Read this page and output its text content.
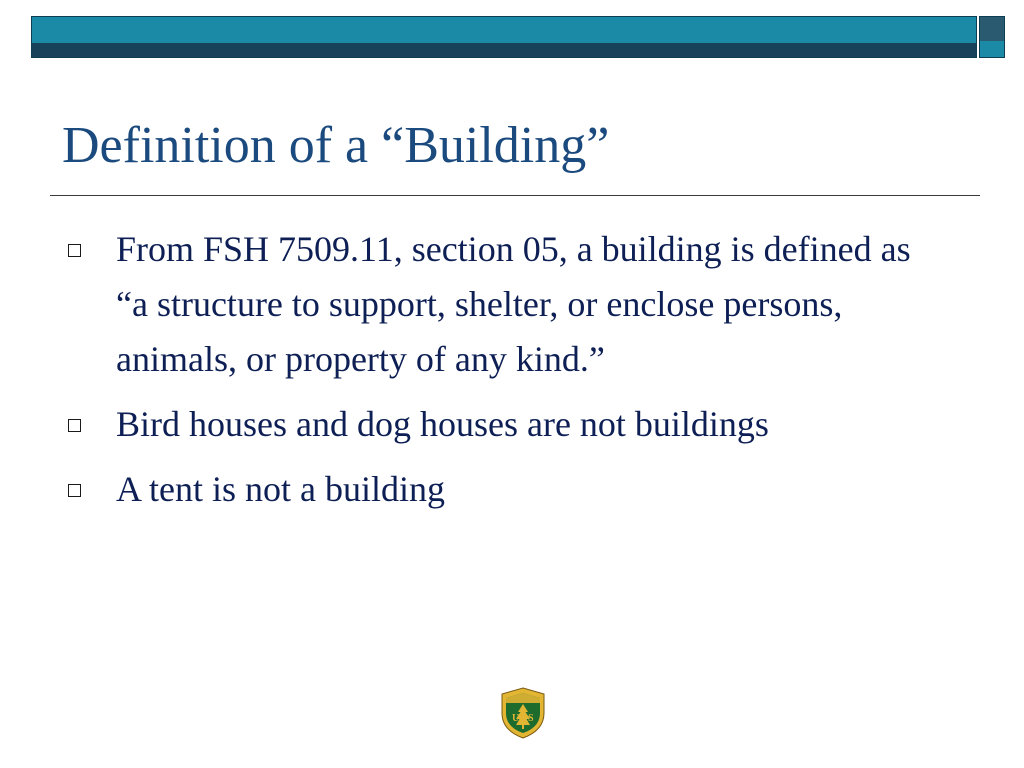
Definition of a “Building”
From FSH 7509.11, section 05, a building is defined as “a structure to support, shelter, or enclose persons, animals, or property of any kind.”
Bird houses and dog houses are not buildings
A tent is not a building
U S
